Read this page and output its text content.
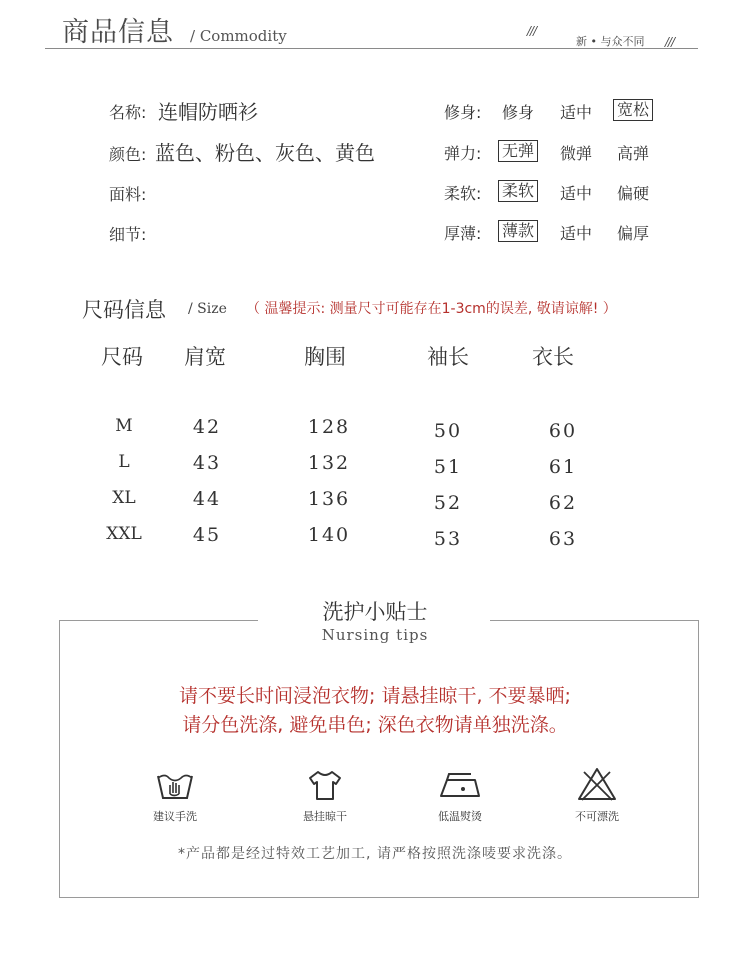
商品信息 / Commodity	///
新 • 与众不同 ///
名称: 连帽防晒衫
颜色: 蓝色、粉色、灰色、黄色
面料:
细节:
修身: 修身 适中 宽松
弹力: 无弹 微弹 高弹
柔软: 柔软 适中 偏硬
厚薄: 薄款 适中 偏厚
尺码信息 / Size （ 温馨提示: 测量尺寸可能存在1-3cm的误差, 敬请谅解! ）
尺码 肩宽	胸围	袖长	衣长
M	42	128	50	60
L	43	132	51	61
XL	44	136	52	62
XXL	45	140	53	63
洗护小贴士
Nursing tips
请不要长时间浸泡衣物; 请悬挂晾干, 不要暴晒;
请分色洗涤, 避免串色; 深色衣物请单独洗涤。
建议手洗	悬挂晾干	低温熨烫	不可漂洗
*产品都是经过特效工艺加工, 请严格按照洗涤唛要求洗涤。
